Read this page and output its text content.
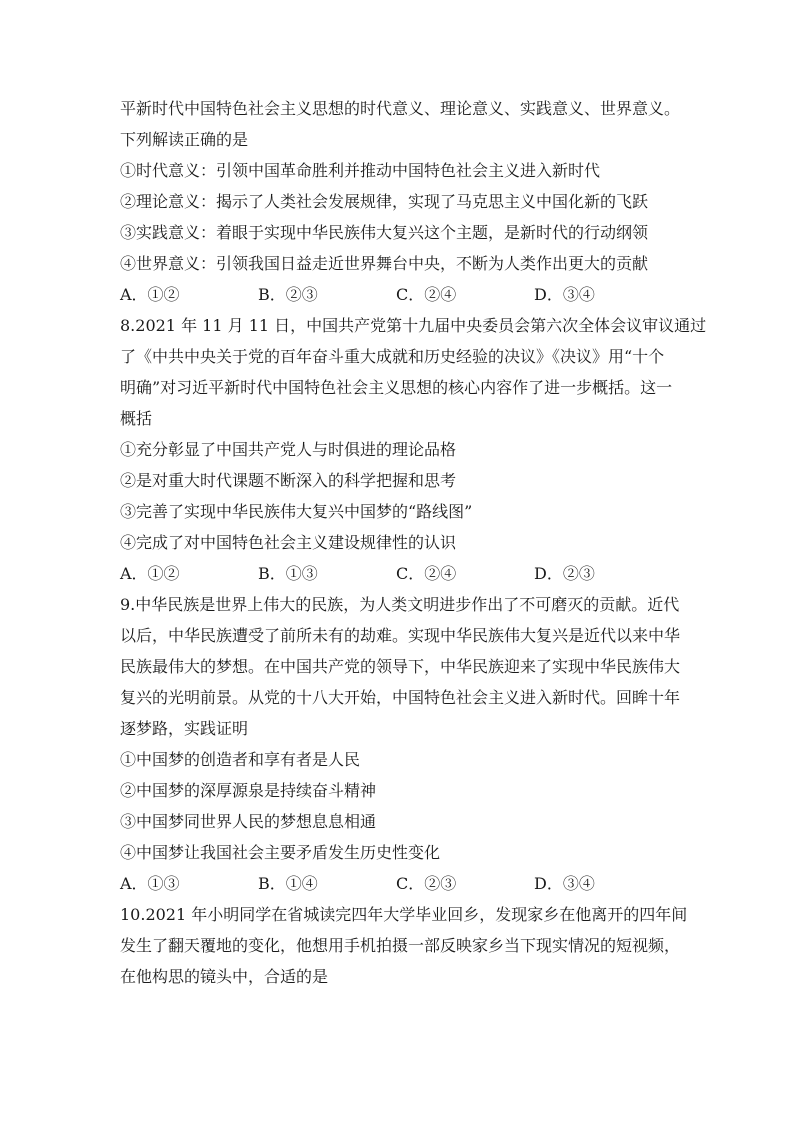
平新时代中国特色社会主义思想的时代意义、理论意义、实践意义、世界意义。

下列解读正确的是

①时代意义：引领中国革命胜利并推动中国特色社会主义进入新时代

②理论意义：揭示了人类社会发展规律，实现了马克思主义中国化新的飞跃

③实践意义：着眼于实现中华民族伟大复兴这个主题，是新时代的行动纲领

④世界意义：引领我国日益走近世界舞台中央，不断为人类作出更大的贡献

A．①②	B．②③	C．②④	D．③④

8.2021 年 11 月 11 日，中国共产党第十九届中央委员会第六次全体会议审议通过

了《中共中央关于党的百年奋斗重大成就和历史经验的决议》《决议》用“十个

明确”对习近平新时代中国特色社会主义思想的核心内容作了进一步概括。这一

概括

①充分彰显了中国共产党人与时俱进的理论品格

②是对重大时代课题不断深入的科学把握和思考

③完善了实现中华民族伟大复兴中国梦的“路线图”

④完成了对中国特色社会主义建设规律性的认识

A．①②	B．①③	C．②④	D．②③

9.中华民族是世界上伟大的民族，为人类文明进步作出了不可磨灭的贡献。近代

以后，中华民族遭受了前所未有的劫难。实现中华民族伟大复兴是近代以来中华

民族最伟大的梦想。在中国共产党的领导下，中华民族迎来了实现中华民族伟大

复兴的光明前景。从党的十八大开始，中国特色社会主义进入新时代。回眸十年

逐梦路，实践证明

①中国梦的创造者和享有者是人民

②中国梦的深厚源泉是持续奋斗精神

③中国梦同世界人民的梦想息息相通

④中国梦让我国社会主要矛盾发生历史性变化

A．①③	B．①④	C．②③	D．③④

10.2021 年小明同学在省城读完四年大学毕业回乡，发现家乡在他离开的四年间

发生了翻天覆地的变化，他想用手机拍摄一部反映家乡当下现实情况的短视频，

在他构思的镜头中，合适的是
